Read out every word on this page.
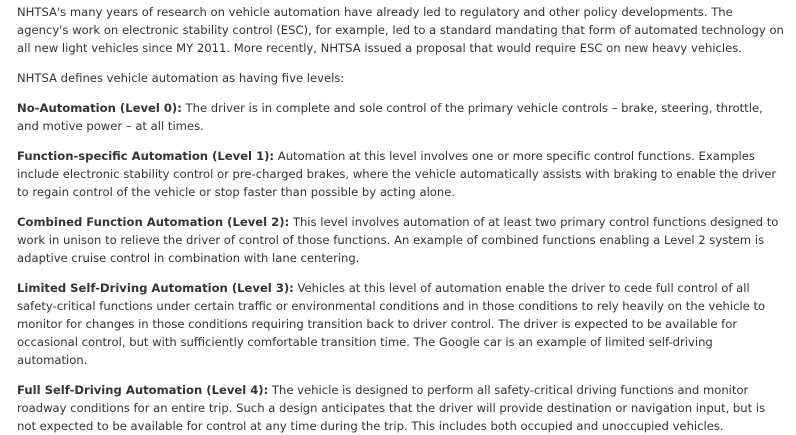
NHTSA's many years of research on vehicle automation have already led to regulatory and other policy developments. The agency's work on electronic stability control (ESC), for example, led to a standard mandating that form of automated technology on all new light vehicles since MY 2011. More recently, NHTSA issued a proposal that would require ESC on new heavy vehicles.

NHTSA defines vehicle automation as having five levels:

No-Automation (Level 0): The driver is in complete and sole control of the primary vehicle controls – brake, steering, throttle, and motive power – at all times.

Function-specific Automation (Level 1): Automation at this level involves one or more specific control functions. Examples include electronic stability control or pre-charged brakes, where the vehicle automatically assists with braking to enable the driver to regain control of the vehicle or stop faster than possible by acting alone.

Combined Function Automation (Level 2): This level involves automation of at least two primary control functions designed to work in unison to relieve the driver of control of those functions. An example of combined functions enabling a Level 2 system is adaptive cruise control in combination with lane centering.

Limited Self-Driving Automation (Level 3): Vehicles at this level of automation enable the driver to cede full control of all safety-critical functions under certain traffic or environmental conditions and in those conditions to rely heavily on the vehicle to monitor for changes in those conditions requiring transition back to driver control. The driver is expected to be available for occasional control, but with sufficiently comfortable transition time. The Google car is an example of limited self-driving automation.

Full Self-Driving Automation (Level 4): The vehicle is designed to perform all safety-critical driving functions and monitor roadway conditions for an entire trip. Such a design anticipates that the driver will provide destination or navigation input, but is not expected to be available for control at any time during the trip. This includes both occupied and unoccupied vehicles.
